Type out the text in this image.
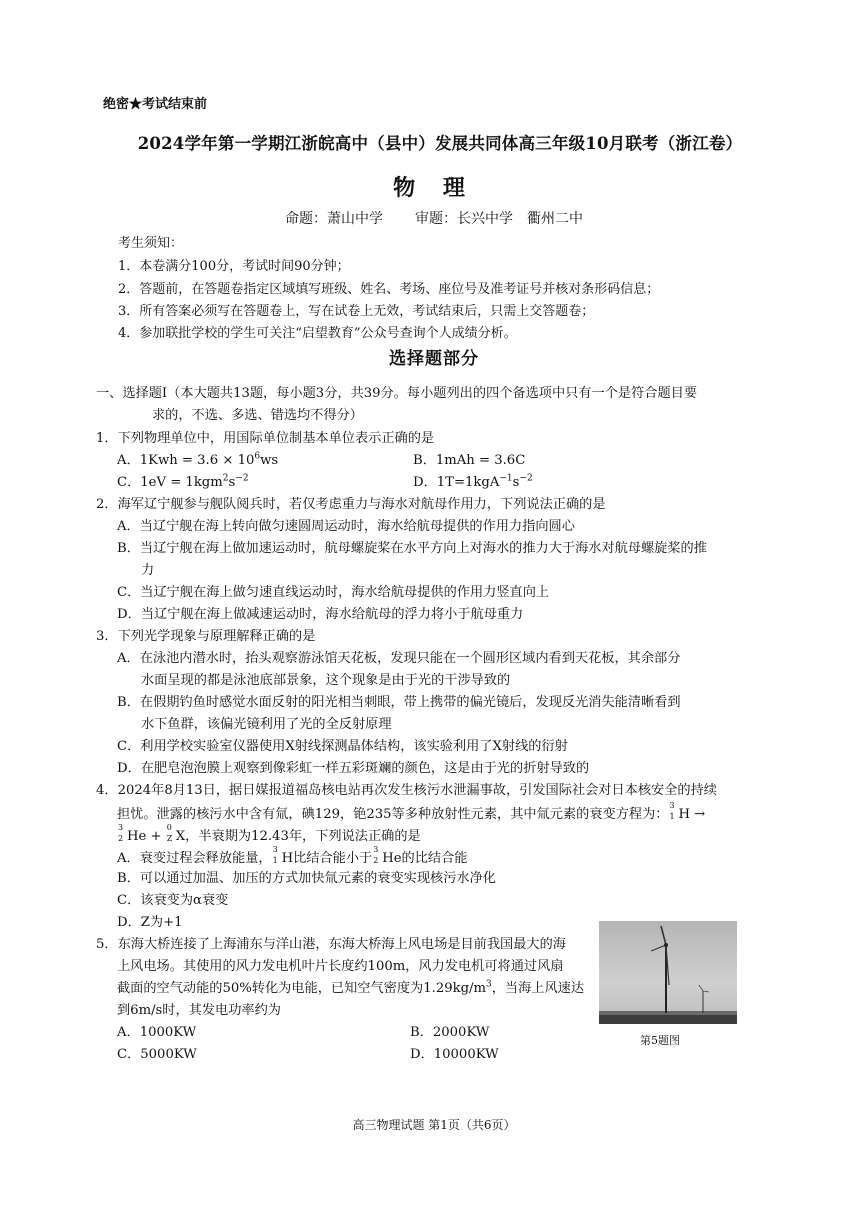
绝密★考试结束前
2024学年第一学期江浙皖高中（县中）发展共同体高三年级10月联考（浙江卷）
物 理
命题：萧山中学 审题：长兴中学　衢州二中
考生须知：
1．本卷满分100分，考试时间90分钟；
2．答题前，在答题卷指定区域填写班级、姓名、考场、座位号及准考证号并核对条形码信息；
3．所有答案必须写在答题卷上，写在试卷上无效，考试结束后，只需上交答题卷；
4．参加联批学校的学生可关注“启望教育”公众号查询个人成绩分析。
选择题部分
一、选择题Ⅰ（本大题共13题，每小题3分，共39分。每小题列出的四个备选项中只有一个是符合题目要
求的，不选、多选、错选均不得分）
1．下列物理单位中，用国际单位制基本单位表示正确的是
A．$1Kwh = 3.6 \times 10^6ws$	B．1mAh = 3.6C
C．$1eV = 1kgm^2s^{-2}$	D．$1T=1kgA^{-1}s^{-2}$
2．海军辽宁舰参与舰队阅兵时，若仅考虑重力与海水对航母作用力，下列说法正确的是
A．当辽宁舰在海上转向做匀速圆周运动时，海水给航母提供的作用力指向圆心
B．当辽宁舰在海上做加速运动时，航母螺旋桨在水平方向上对海水的推力大于海水对航母螺旋桨的推
力
C．当辽宁舰在海上做匀速直线运动时，海水给航母提供的作用力竖直向上
D．当辽宁舰在海上做减速运动时，海水给航母的浮力将小于航母重力
3．下列光学现象与原理解释正确的是
A．在泳池内潜水时，抬头观察游泳馆天花板，发现只能在一个圆形区域内看到天花板，其余部分
水面呈现的都是泳池底部景象，这个现象是由于光的干涉导致的
B．在假期钓鱼时感觉水面反射的阳光相当刺眼，带上携带的偏光镜后，发现反光消失能清晰看到
水下鱼群，该偏光镜利用了光的全反射原理
C．利用学校实验室仪器使用X射线探测晶体结构，该实验利用了X射线的衍射
D．在肥皂泡泡膜上观察到像彩虹一样五彩斑斓的颜色，这是由于光的折射导致的
4．2024年8月13日，据日媒报道福岛核电站再次发生核污水泄漏事故，引发国际社会对日本核安全的持续
担忧。泄露的核污水中含有氚，碘129，铯235等多种放射性元素，其中氚元素的衰变方程为：
3
1 H →
3
2 He +
0
Z X，半衰期为12.43年，下列说法正确的是
A．衰变过程会释放能量，
3
1 H比结合能小于
3
2 He的比结合能
B．可以通过加温、加压的方式加快氚元素的衰变实现核污水净化
C．该衰变为α衰变
D．Z为+1
5．东海大桥连接了上海浦东与洋山港，东海大桥海上风电场是目前我国最大的海
上风电场。其使用的风力发电机叶片长度约100m，风力发电机可将通过风扇
截面的空气动能的50%转化为电能，已知空气密度为$1.29kg/m^3$，当海上风速达
到6m/s时，其发电功率约为
A．1000KW	B．2000KW
C．5000KW	D．10000KW
第5题图
高三物理试题 第1页（共6页）
